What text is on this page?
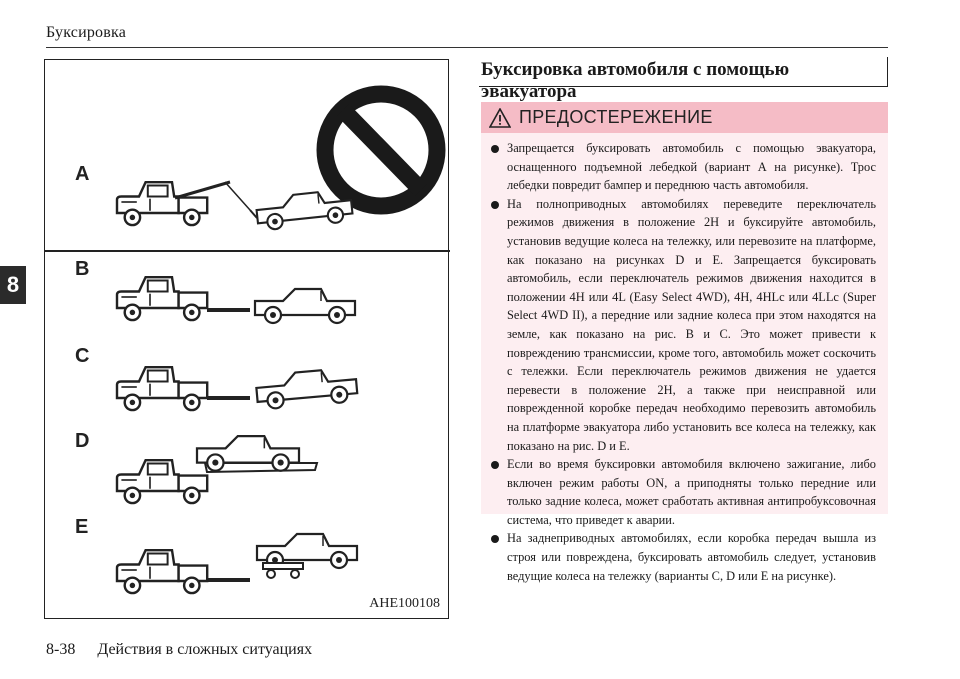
Буксировка
8
A
B
C
D
E
AHE100108
Буксировка автомобиля с помощью эвакуатора
ПРЕДОСТЕРЕЖЕНИЕ
Запрещается буксировать автомобиль с помощью эвакуатора, оснащенного подъемной лебедкой (вариант А на рисунке). Трос лебедки повредит бампер и переднюю часть автомобиля.
На полноприводных автомобилях переведите переключатель режимов движения в положение 2H и буксируйте автомобиль, установив ведущие колеса на тележку, или перевозите на платформе, как показано на рисунках D и E. Запрещается буксировать автомобиль, если переключатель режимов движения находится в положении 4H или 4L (Easy Select 4WD), 4H, 4HLc или 4LLc (Super Select 4WD II), а передние или задние колеса при этом находятся на земле, как показано на рис. B и C. Это может привести к повреждению трансмиссии, кроме того, автомобиль может соскочить с тележки. Если переключатель режимов движения не удается перевести в положение 2H, а также при неисправной или поврежденной коробке передач необходимо перевозить автомобиль на платформе эвакуатора либо установить все колеса на тележку, как показано на рис. D и E.
Если во время буксировки автомобиля включено зажигание, либо включен режим работы ON, а приподняты только передние или только задние колеса, может сработать активная антипробуксовочная система, что приведет к аварии.
На заднеприводных автомобилях, если коробка передач вышла из строя или повреждена, буксировать автомобиль следует, установив ведущие колеса на тележку (варианты C, D или E на рисунке).
8-38 Действия в сложных ситуациях
